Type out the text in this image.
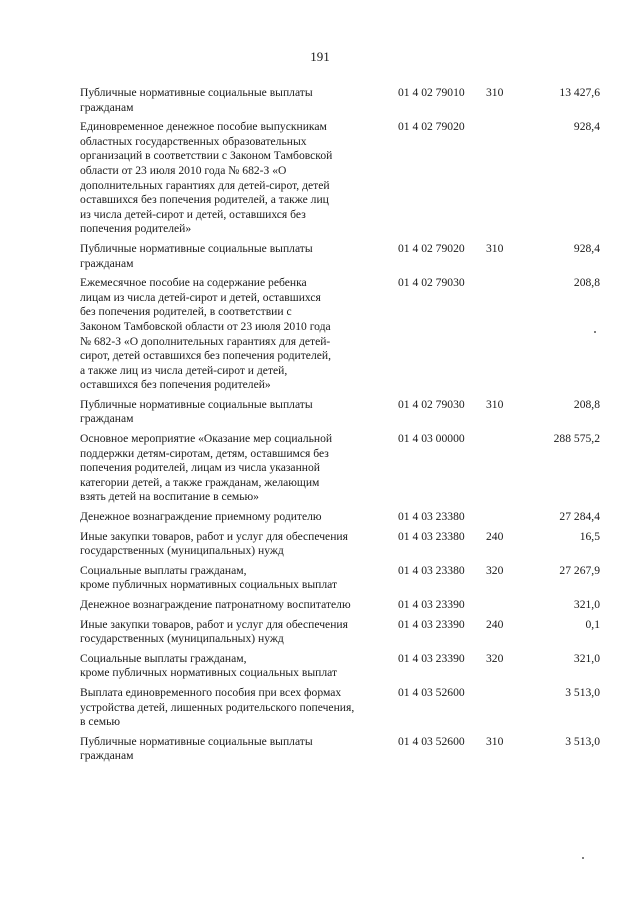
191
Публичные нормативные социальные выплаты
гражданам
01 4 02 79010	310	13 427,6
Единовременное денежное пособие выпускникам
областных государственных образовательных
организаций в соответствии с Законом Тамбовской
области от 23 июля 2010 года № 682-З «О
дополнительных гарантиях для детей-сирот, детей
оставшихся без попечения родителей, а также лиц
из числа детей-сирот и детей, оставшихся без
попечения родителей»
01 4 02 79020	928,4
Публичные нормативные социальные выплаты
гражданам
01 4 02 79020	310	928,4
Ежемесячное пособие на содержание ребенка
лицам из числа детей-сирот и детей, оставшихся
без попечения родителей, в соответствии с
Законом Тамбовской области от 23 июля 2010 года
№ 682-З «О дополнительных гарантиях для детей-
сирот, детей оставшихся без попечения родителей,
а также лиц из числа детей-сирот и детей,
оставшихся без попечения родителей»
01 4 02 79030	208,8
Публичные нормативные социальные выплаты
гражданам
01 4 02 79030	310	208,8
Основное мероприятие «Оказание мер социальной
поддержки детям-сиротам, детям, оставшимся без
попечения родителей, лицам из числа указанной
категории детей, а также гражданам, желающим
взять детей на воспитание в семью»
01 4 03 00000	288 575,2
Денежное вознаграждение приемному родителю	01 4 03 23380	27 284,4
Иные закупки товаров, работ и услуг для обеспечения
государственных (муниципальных) нужд
01 4 03 23380	240	16,5
Социальные выплаты гражданам,
кроме публичных нормативных социальных выплат
01 4 03 23380	320	27 267,9
Денежное вознаграждение патронатному воспитателю	01 4 03 23390	321,0
Иные закупки товаров, работ и услуг для обеспечения
государственных (муниципальных) нужд
01 4 03 23390	240	0,1
Социальные выплаты гражданам,
кроме публичных нормативных социальных выплат
01 4 03 23390	320	321,0
Выплата единовременного пособия при всех формах
устройства детей, лишенных родительского попечения,
в семью
01 4 03 52600	3 513,0
Публичные нормативные социальные выплаты
гражданам
01 4 03 52600	310	3 513,0
